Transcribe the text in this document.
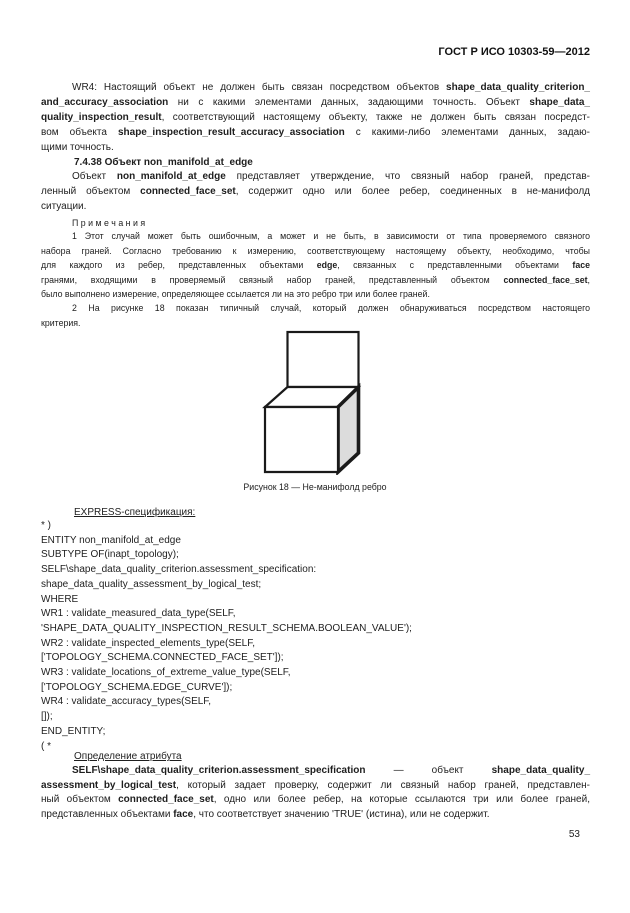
ГОСТ Р ИСО 10303-59—2012
WR4: Настоящий объект не должен быть связан посредством объектов shape_data_quality_criterion_
and_accuracy_association ни с какими элементами данных, задающими точность. Объект shape_data_
quality_inspection_result, соответствующий настоящему объекту, также не должен быть связан посредст-
вом объекта shape_inspection_result_accuracy_association с какими-либо элементами данных, задаю-
щими точность.
7.4.38 Объект non_manifold_at_edge
Объект non_manifold_at_edge представляет утверждение, что связный набор граней, представ-
ленный объектом connected_face_set, содержит одно или более ребер, соединенных в не-манифолд
ситуации.
П р и м е ч а н и я
1 Этот случай может быть ошибочным, а может и не быть, в зависимости от типа проверяемого связного
набора граней. Согласно требованию к измерению, соответствующему настоящему объекту, необходимо, чтобы
для каждого из ребер, представленных объектами edge, связанных с представленными объектами face
гранями, входящими в проверяемый связный набор граней, представленный объектом connected_face_set,
было выполнено измерение, определяющее ссылается ли на это ребро три или более граней.
2 На рисунке 18 показан типичный случай, который должен обнаруживаться посредством настоящего
критерия.
Рисунок 18 — Не-манифолд ребро
EXPRESS-спецификация:
* )
ENTITY non_manifold_at_edge
SUBTYPE OF(inapt_topology);
SELF\shape_data_quality_criterion.assessment_specification:
shape_data_quality_assessment_by_logical_test;
WHERE
WR1 : validate_measured_data_type(SELF,
'SHAPE_DATA_QUALITY_INSPECTION_RESULT_SCHEMA.BOOLEAN_VALUE');
WR2 : validate_inspected_elements_type(SELF,
['TOPOLOGY_SCHEMA.CONNECTED_FACE_SET']);
WR3 : validate_locations_of_extreme_value_type(SELF,
['TOPOLOGY_SCHEMA.EDGE_CURVE']);
WR4 : validate_accuracy_types(SELF,
[]);
END_ENTITY;
( *
Определение атрибута
SELF\shape_data_quality_criterion.assessment_specification — объект shape_data_quality_
assessment_by_logical_test, который задает проверку, содержит ли связный набор граней, представлен-
ный объектом connected_face_set, одно или более ребер, на которые ссылаются три или более граней,
представленных объектами face, что соответствует значению 'TRUE' (истина), или не содержит.
53
